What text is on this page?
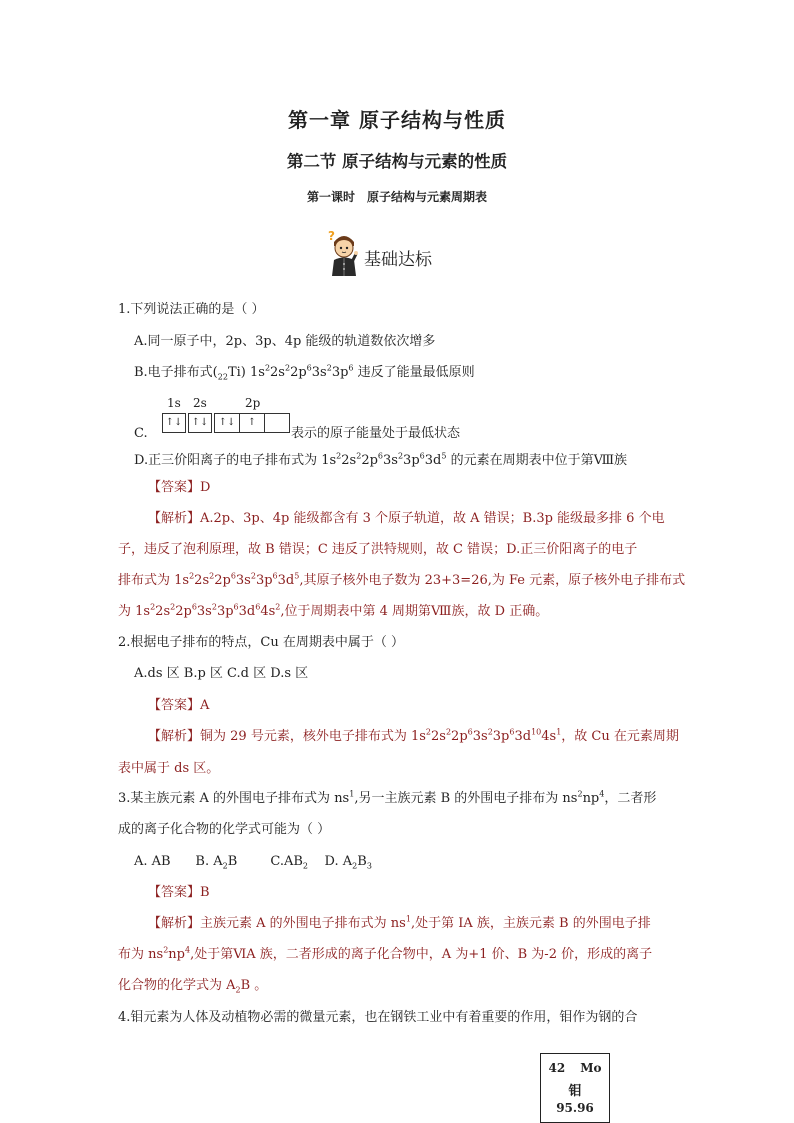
第一章 原子结构与性质
第二节 原子结构与元素的性质
第一课时 原子结构与元素周期表
?
基础达标
1.下列说法正确的是（ ）
A.同一原子中，2p、3p、4p 能级的轨道数依次增多
B.电子排布式$(_{22}Ti)$ $1s^22s^22p^63s^23p^6$ 违反了能量最低原则
1s 2s	2p
↑↓ ↑↓	↑↓	↑
C.	表示的原子能量处于最低状态
D.正三价阳离子的电子排布式为 $1s^22s^22p^63s^23p^63d^5$ 的元素在周期表中位于第Ⅷ族
【答案】D
【解析】A.2p、3p、4p 能级都含有 3 个原子轨道，故 A 错误；B.3p 能级最多排 6 个电
子，违反了泡利原理，故 B 错误；C 违反了洪特规则，故 C 错误；D.正三价阳离子的电子
排布式为 $1s^22s^22p^63s^23p^63d^5$,其原子核外电子数为 23+3=26,为 Fe 元素，原子核外电子排布式
为 $1s^22s^22p^63s^23p^63d^64s^2$,位于周期表中第 4 周期第Ⅷ族，故 D 正确。
2.根据电子排布的特点，Cu 在周期表中属于（ ）
A.ds 区 B.p 区 C.d 区 D.s 区
【答案】A
【解析】铜为 29 号元素，核外电子排布式为 $1s^22s^22p^63s^23p^63d^{10}4s^1$，故 Cu 在元素周期
表中属于 ds 区。
3.某主族元素 A 的外围电子排布式为 $ns^1$,另一主族元素 B 的外围电子排布为 $ns^2np^4$，二者形
成的离子化合物的化学式可能为（ ）
A. AB B. $A_2B$        $C.AB_2$ D. $A_2B_3$
【答案】B
【解析】主族元素 A 的外围电子排布式为 $ns^1$,处于第 IA 族，主族元素 B 的外围电子排
布为 $ns^2np^4$,处于第ⅥA 族，二者形成的离子化合物中，A 为+1 价、B 为-2 价，形成的离子
化合物的化学式为 $A_2B$ 。
4.钼元素为人体及动植物必需的微量元素，也在钢铁工业中有着重要的作用，钼作为钢的合
42 Mo
钼
95.96
